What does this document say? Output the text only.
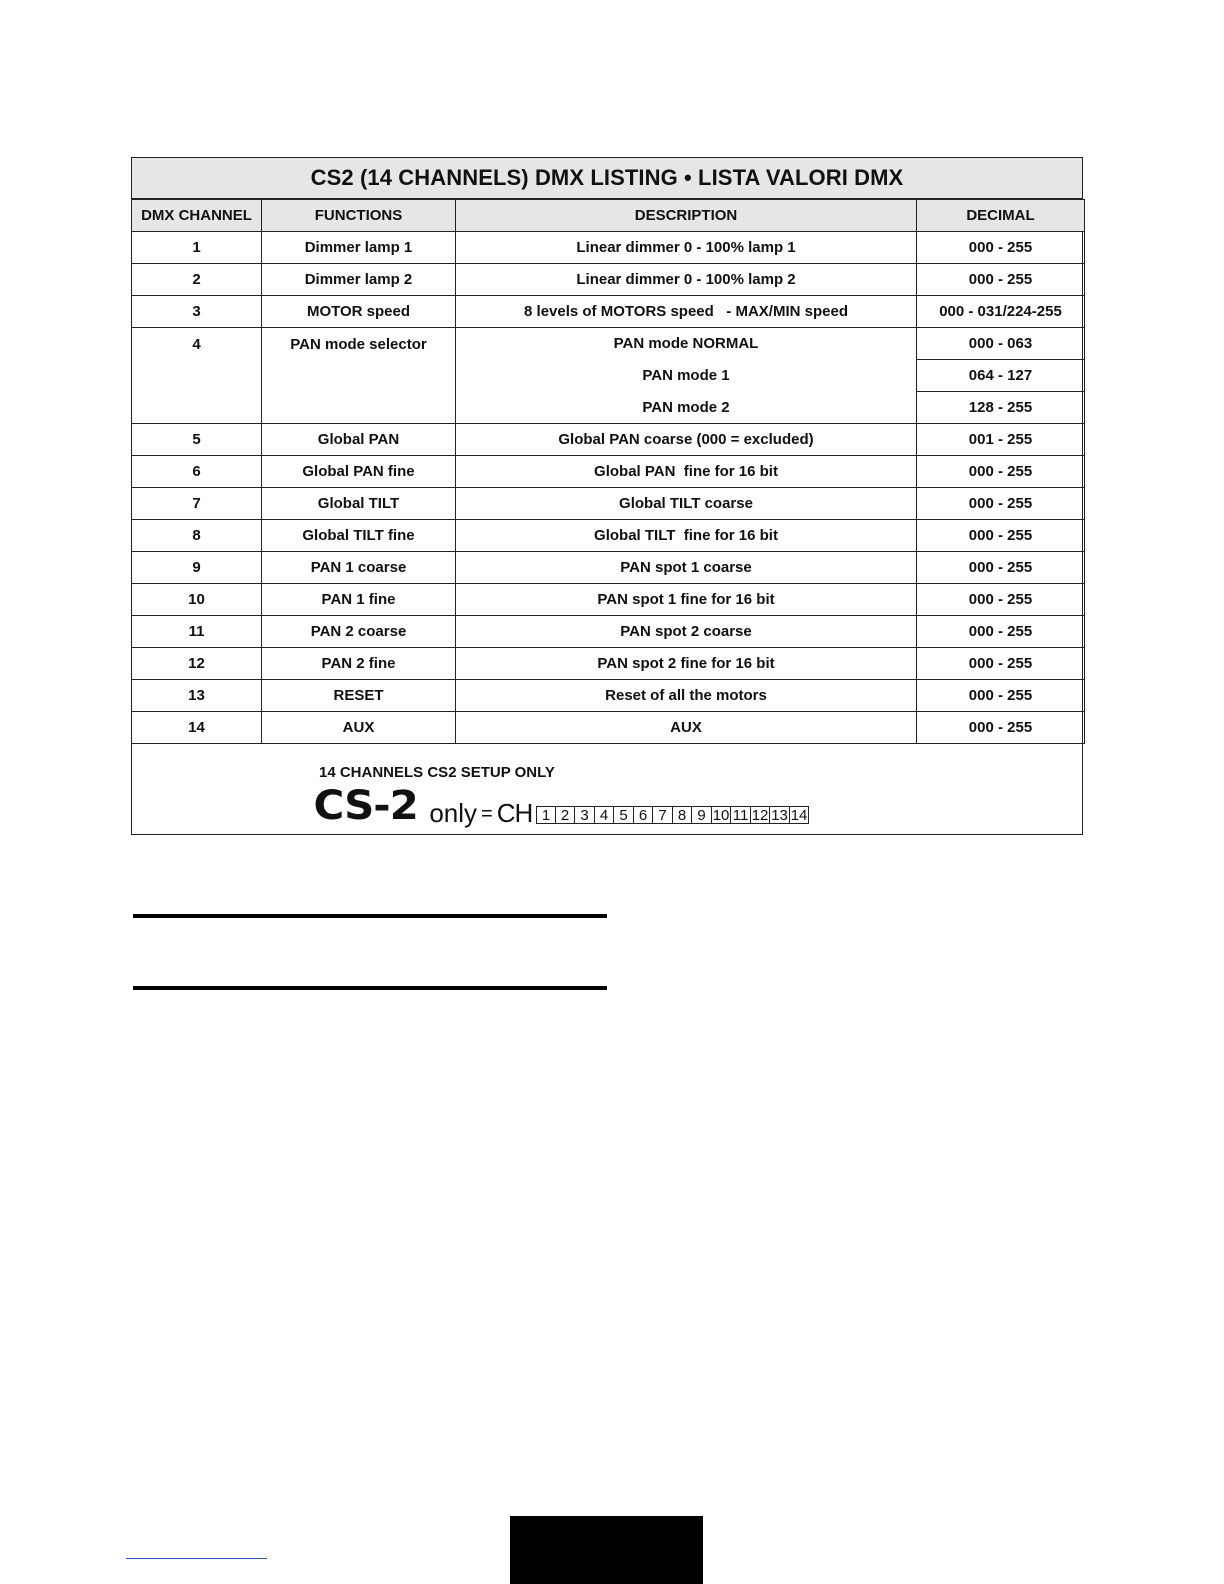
CS2 (14 CHANNELS) DMX LISTING • LISTA VALORI DMX
DMX CHANNEL	FUNCTIONS	DESCRIPTION	DECIMAL
1	Dimmer lamp 1	Linear dimmer 0 - 100% lamp 1	000 - 255
2	Dimmer lamp 2	Linear dimmer 0 - 100% lamp 2	000 - 255
3	MOTOR speed	8 levels of MOTORS speed   - MAX/MIN speed	000 - 031/224-255
4	PAN mode selector	PAN mode NORMAL	000 - 063
		PAN mode 1	064 - 127
		PAN mode 2	128 - 255
5	Global PAN	Global PAN coarse (000 = excluded)	001 - 255
6	Global PAN fine	Global PAN  fine for 16 bit	000 - 255
7	Global TILT	Global TILT coarse	000 - 255
8	Global TILT fine	Global TILT  fine for 16 bit	000 - 255
9	PAN 1 coarse	PAN spot 1 coarse	000 - 255
10	PAN 1 fine	PAN spot 1 fine for 16 bit	000 - 255
11	PAN 2 coarse	PAN spot 2 coarse	000 - 255
12	PAN 2 fine	PAN spot 2 fine for 16 bit	000 - 255
13	RESET	Reset of all the motors	000 - 255
14	AUX	AUX	000 - 255
14 CHANNELS CS2 SETUP ONLY
CS-2 only = CH 1 2 3 4 5 6 7 8 9 10 11 12 13 14
